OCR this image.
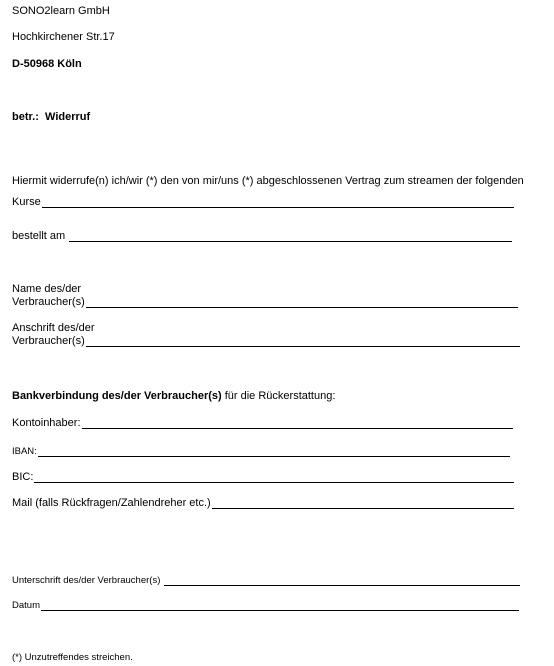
SONO2learn GmbH
Hochkirchener Str.17
D-50968 Köln
betr.: Widerruf
Hiermit widerrufe(n) ich/wir (*) den von mir/uns (*) abgeschlossenen Vertrag zum streamen der folgenden
Kurse
bestellt am
Name des/der
Verbraucher(s)
Anschrift des/der
Verbraucher(s)
Bankverbindung des/der Verbraucher(s) für die Rückerstattung:
Kontoinhaber:
IBAN:
BIC:
Mail (falls Rückfragen/Zahlendreher etc.)
Unterschrift des/der Verbraucher(s)
Datum
(*) Unzutreffendes streichen.
